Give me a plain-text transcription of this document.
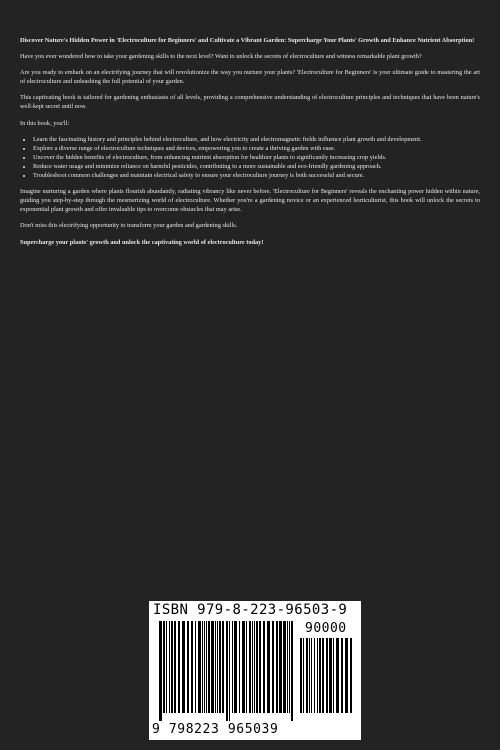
Discover Nature's Hidden Power in 'Electroculture for Beginners' and Cultivate a Vibrant Garden: Supercharge Your Plants' Growth and Enhance Nutrient Absorption!

Have you ever wondered how to take your gardening skills to the next level? Want to unlock the secrets of electroculture and witness remarkable plant growth?

Are you ready to embark on an electrifying journey that will revolutionize the way you nurture your plants? 'Electroculture for Beginners' is your ultimate guide to mastering the art of electroculture and unleashing the full potential of your garden.

This captivating book is tailored for gardening enthusiasts of all levels, providing a comprehensive understanding of electroculture principles and techniques that have been nature's well-kept secret until now.

In this book, you'll:

• Learn the fascinating history and principles behind electroculture, and how electricity and electromagnetic fields influence plant growth and development.
• Explore a diverse range of electroculture techniques and devices, empowering you to create a thriving garden with ease.
• Uncover the hidden benefits of electroculture, from enhancing nutrient absorption for healthier plants to significantly increasing crop yields.
• Reduce water usage and minimize reliance on harmful pesticides, contributing to a more sustainable and eco-friendly gardening approach.
• Troubleshoot common challenges and maintain electrical safety to ensure your electroculture journey is both successful and secure.

Imagine nurturing a garden where plants flourish abundantly, radiating vibrancy like never before. 'Electroculture for Beginners' reveals the enchanting power hidden within nature, guiding you step-by-step through the mesmerizing world of electroculture. Whether you're a gardening novice or an experienced horticulturist, this book will unlock the secrets to exponential plant growth and offer invaluable tips to overcome obstacles that may arise.

Don't miss this electrifying opportunity to transform your garden and gardening skills.

Supercharge your plants' growth and unlock the captivating world of electroculture today!

ISBN 979-8-223-96503-9
90000
9 798223 965039
